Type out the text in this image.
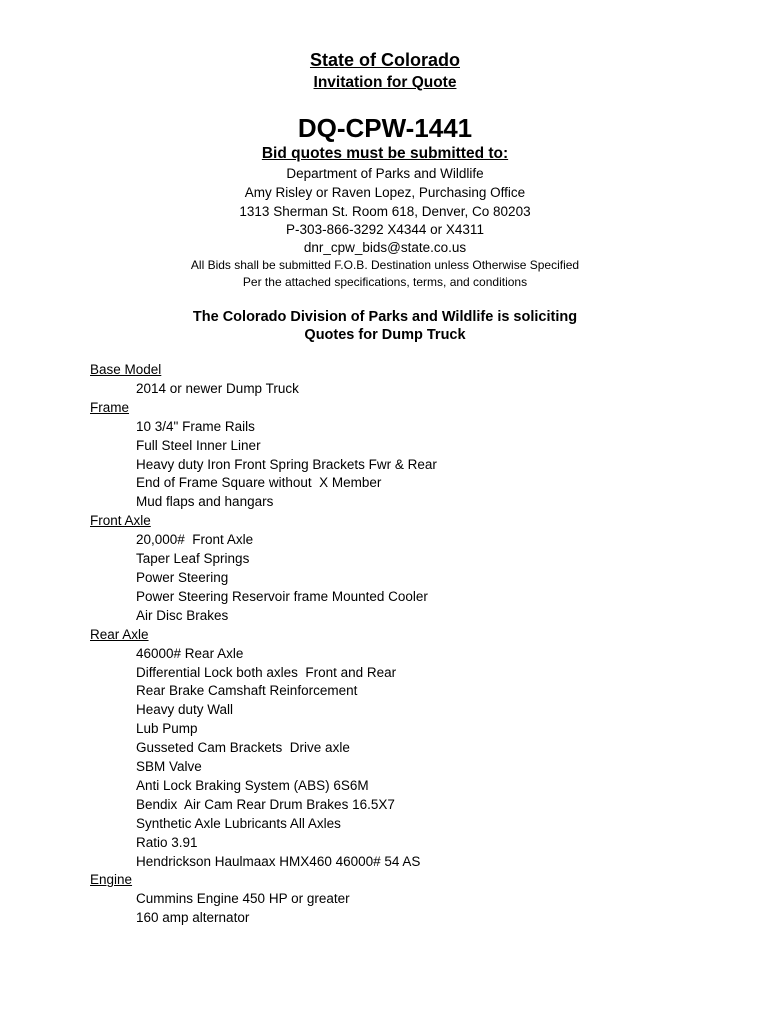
State of Colorado
Invitation for Quote
DQ-CPW-1441
Bid quotes must be submitted to:
Department of Parks and Wildlife
Amy Risley or Raven Lopez, Purchasing Office
1313 Sherman St. Room 618, Denver, Co 80203
P-303-866-3292 X4344 or X4311
dnr_cpw_bids@state.co.us
All Bids shall be submitted F.O.B. Destination unless Otherwise Specified
Per the attached specifications, terms, and conditions
The Colorado Division of Parks and Wildlife is soliciting
Quotes for Dump Truck
Base Model
2014 or newer Dump Truck
Frame
10 3/4" Frame Rails
Full Steel Inner Liner
Heavy duty Iron Front Spring Brackets Fwr & Rear
End of Frame Square without  X Member
Mud flaps and hangars
Front Axle
20,000#  Front Axle
Taper Leaf Springs
Power Steering
Power Steering Reservoir frame Mounted Cooler
Air Disc Brakes
Rear Axle
46000# Rear Axle
Differential Lock both axles  Front and Rear
Rear Brake Camshaft Reinforcement
Heavy duty Wall
Lub Pump
Gusseted Cam Brackets  Drive axle
SBM Valve
Anti Lock Braking System (ABS) 6S6M
Bendix  Air Cam Rear Drum Brakes 16.5X7
Synthetic Axle Lubricants All Axles
Ratio 3.91
Hendrickson Haulmaax HMX460 46000# 54 AS
Engine
Cummins Engine 450 HP or greater
160 amp alternator
